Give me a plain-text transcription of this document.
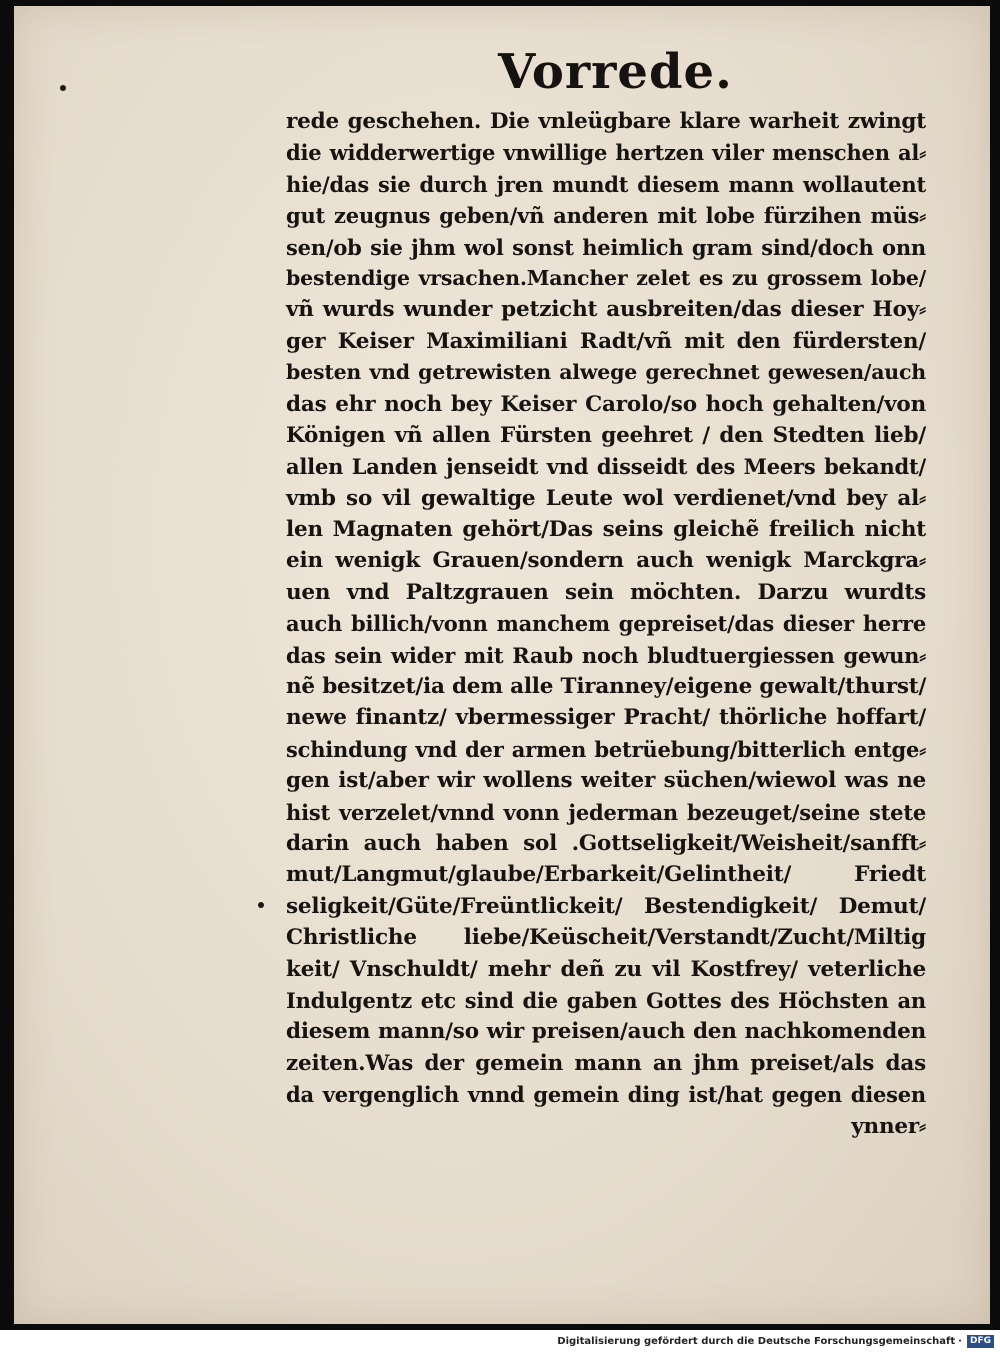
Vorrede.
rede geschehen. Die vnleügbare klare warheit zwingt
die widderwertige vnwillige hertzen viler menschen al⸗
hie/das sie durch jren mundt diesem mann wollautent
gut zeugnus geben/vñ anderen mit lobe fürzihen müs⸗
sen/ob sie jhm wol sonst heimlich gram sind/doch onn
bestendige vrsachen.Mancher zelet es zu grossem lobe/
vñ wurds wunder petzicht ausbreiten/das dieser Hoy⸗
ger Keiser Maximiliani Radt/vñ mit den fürdersten/
besten vnd getrewisten alwege gerechnet gewesen/auch
das ehr noch bey Keiser Carolo/so hoch gehalten/von
Königen vñ allen Fürsten geehret / den Stedten lieb/
allen Landen jenseidt vnd disseidt des Meers bekandt/
vmb so vil gewaltige Leute wol verdienet/vnd bey al⸗
len Magnaten gehört/Das seins gleichẽ freilich nicht
ein wenigk Grauen/sondern auch wenigk Marckgra⸗
uen vnd Paltzgrauen sein möchten. Darzu wurdts
auch billich/vonn manchem gepreiset/das dieser herre
das sein wider mit Raub noch bludtuergiessen gewun⸗
nẽ besitzet/ia dem alle Tiranney/eigene gewalt/thurst/
newe finantz/ vbermessiger Pracht/ thörliche hoffart/
schindung vnd der armen betrüebung/bitterlich entge⸗
gen ist/aber wir wollens weiter süchen/wiewol was ne
hist verzelet/vnnd vonn jederman bezeuget/seine stete
darin auch haben sol .Gottseligkeit/Weisheit/sanfft⸗
mut/Langmut/glaube/Erbarkeit/Gelintheit/ Friedt
seligkeit/Güte/Freüntlickeit/ Bestendigkeit/ Demut/
Christliche liebe/Keüscheit/Verstandt/Zucht/Miltig
keit/ Vnschuldt/ mehr deñ zu vil Kostfrey/ veterliche
Indulgentz etc sind die gaben Gottes des Höchsten an
diesem mann/so wir preisen/auch den nachkomenden
zeiten.Was der gemein mann an jhm preiset/als das
da vergenglich vnnd gemein ding ist/hat gegen diesen
ynner⸗
Digitalisierung gefördert durch die Deutsche Forschungsgemeinschaft · DFG
